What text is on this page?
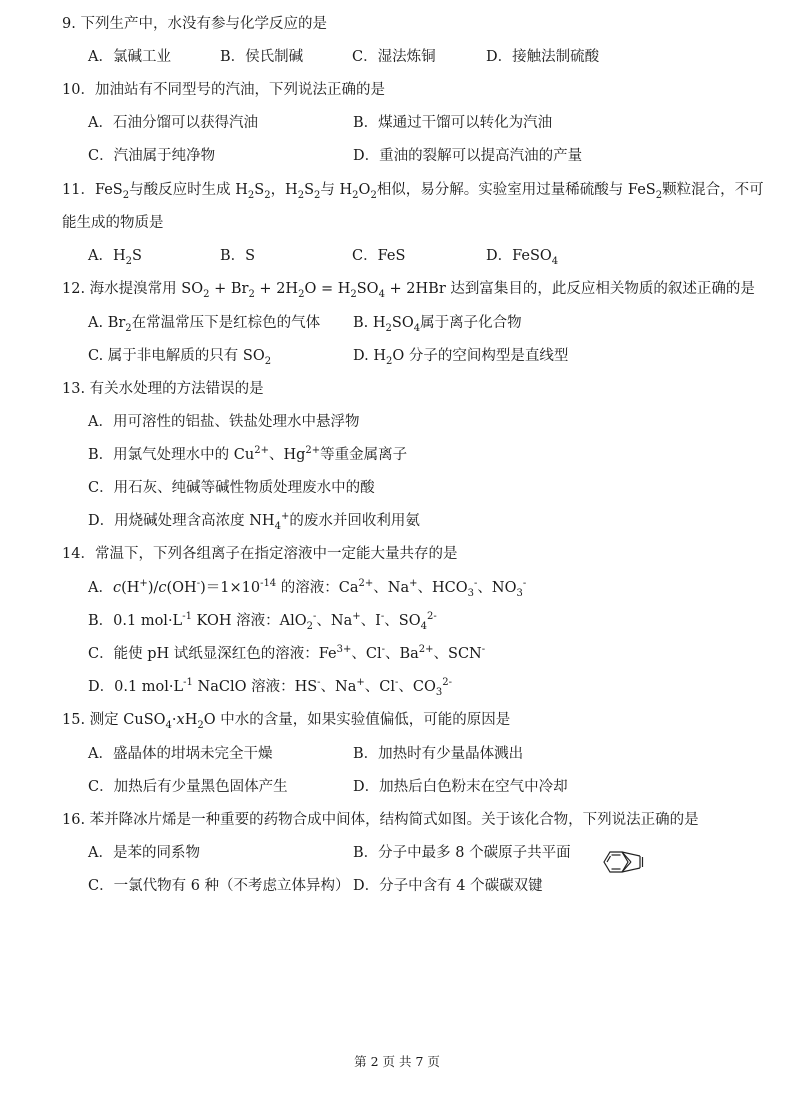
9. 下列生产中，水没有参与化学反应的是
A．氯碱工业	B．侯氏制碱	C．湿法炼铜	D．接触法制硫酸
10．加油站有不同型号的汽油，下列说法正确的是
A．石油分馏可以获得汽油	B．煤通过干馏可以转化为汽油
C．汽油属于纯净物	D．重油的裂解可以提高汽油的产量
11．FeS$_2$与酸反应时生成 $H_2S_2$，$H_2S_2$与 $H_2O_2$相似，易分解。实验室用过量稀硫酸与 FeS$_2$颗粒混合，不可
能生成的物质是
A．$H_2S$	B．S	C．FeS	D．FeSO$_4$
12. 海水提溴常用 $SO_2 + Br_2 + 2H_2O = H_2SO_4 + 2HBr$ 达到富集目的，此反应相关物质的叙述正确的是
A. $Br_2$在常温常压下是红棕色的气体 B. $H_2SO_4$属于离子化合物
C. 属于非电解质的只有 $SO_2$	D. $H_2O$ 分子的空间构型是直线型
13. 有关水处理的方法错误的是
A．用可溶性的铝盐、铁盐处理水中悬浮物
B．用氯气处理水中的 $Cu^{2+}$、$Hg^{2+}$等重金属离子
C．用石灰、纯碱等碱性物质处理废水中的酸
D．用烧碱处理含高浓度 $NH_4^+$的废水并回收利用氨
14．常温下，下列各组离子在指定溶液中一定能大量共存的是
A．$c(H^+)/c(OH^-)=1\times 10^{-14}$ 的溶液：$Ca^{2+}$、Na+、$HCO_3^-$、$NO_3^-$
B．0.1 $mol\cdot L^{-1}$ KOH 溶液：AlO$_2$-、Na+、I-、$SO_4^{2-}$
C．能使 pH 试纸显深红色的溶液：$Fe^{3+}$、Cl-、$Ba^{2+}$、SCN-
D．0.1 $mol\cdot L^{-1}$ NaClO 溶液：HS-、Na+、Cl-、$CO_3^{2-}$
15. 测定 $CuSO_4\cdot xH_2O$ 中水的含量，如果实验值偏低，可能的原因是
A．盛晶体的坩埚未完全干燥	B．加热时有少量晶体溅出
C．加热后有少量黑色固体产生	D．加热后白色粉末在空气中冷却
16. 苯并降冰片烯是一种重要的药物合成中间体，结构简式如图。关于该化合物，下列说法正确的是
A．是苯的同系物	B．分子中最多 8 个碳原子共平面
C．一氯代物有 6 种（不考虑立体异构） D．分子中含有 4 个碳碳双键
第 2 页 共 7 页
